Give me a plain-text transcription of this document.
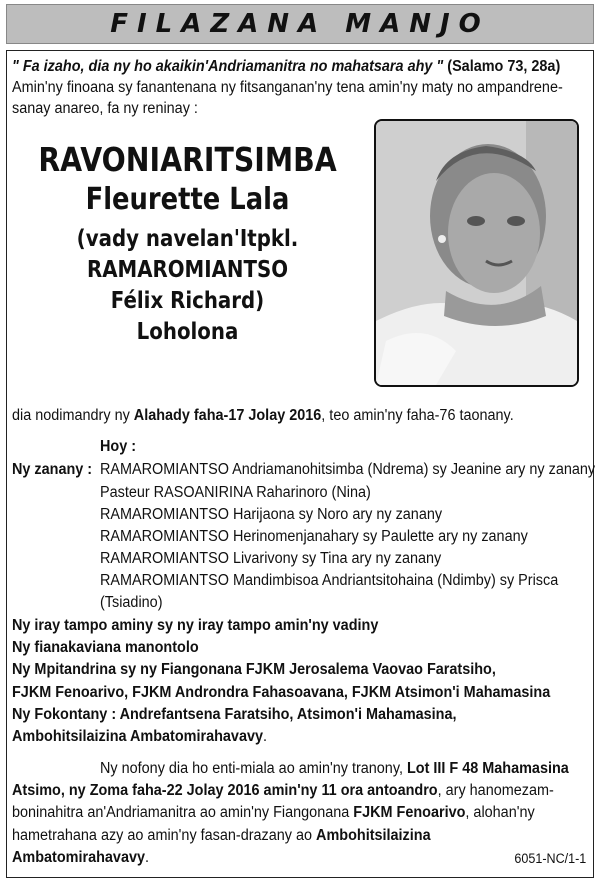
FILAZANA MANJO
" Fa izaho, dia ny ho akaikin'Andriamanitra no mahatsara ahy " (Salamo 73, 28a)
Amin'ny finoana sy fanantenana ny fitsanganan'ny tena amin'ny maty no ampandrene-
sanay anareo, fa ny reninay :
RAVONIARITSIMBA
Fleurette Lala
(vady navelan'Itpkl.
RAMAROMIANTSO
Félix Richard)
Loholona
dia nodimandry ny Alahady faha-17 Jolay 2016, teo amin'ny faha-76 taonany.
Hoy :
Ny zanany : RAMAROMIANTSO Andriamanohitsimba (Ndrema) sy Jeanine ary ny zanany
Pasteur RASOANIRINA Raharinoro (Nina)
RAMAROMIANTSO Harijaona sy Noro ary ny zanany
RAMAROMIANTSO Herinomenjanahary sy Paulette ary ny zanany
RAMAROMIANTSO Livarivony sy Tina ary ny zanany
RAMAROMIANTSO Mandimbisoa Andriantsitohaina (Ndimby) sy Prisca
(Tsiadino)
Ny iray tampo aminy sy ny iray tampo amin'ny vadiny
Ny fianakaviana manontolo
Ny Mpitandrina sy ny Fiangonana FJKM Jerosalema Vaovao Faratsiho,
FJKM Fenoarivo, FJKM Androndra Fahasoavana, FJKM Atsimon'i Mahamasina
Ny Fokontany : Andrefantsena Faratsiho, Atsimon'i Mahamasina,
Ambohitsilaizina Ambatomirahavavy.
Ny nofony dia ho enti-miala ao amin'ny tranony, Lot III F 48 Mahamasina
Atsimo, ny Zoma faha-22 Jolay 2016 amin'ny 11 ora antoandro, ary hanomezam-
boninahitra an'Andriamanitra ao amin'ny Fiangonana FJKM Fenoarivo, alohan'ny
hametrahana azy ao amin'ny fasan-drazany ao Ambohitsilaizina
Ambatomirahavavy.	6051-NC/1-1
